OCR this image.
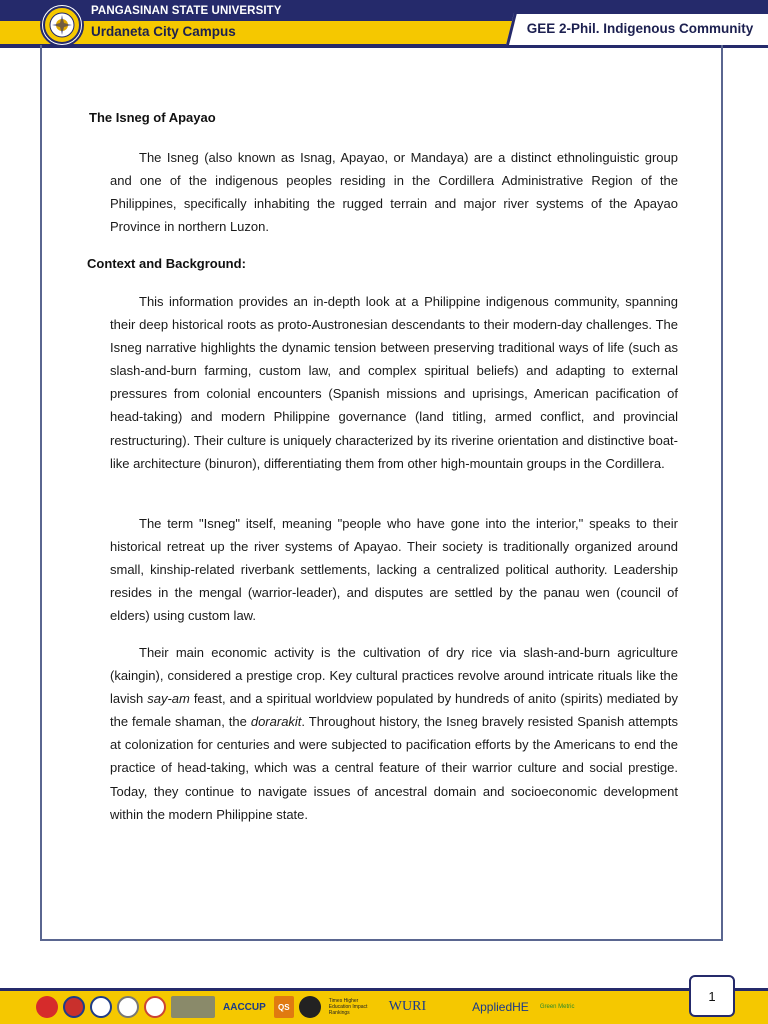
GEE 2-Phil. Indigenous Community
PANGASINAN STATE UNIVERSITY
Urdaneta City Campus
The Isneg of Apayao

The Isneg (also known as Isnag, Apayao, or Mandaya) are a distinct ethnolinguistic group and one of the indigenous peoples residing in the Cordillera Administrative Region of the Philippines, specifically inhabiting the rugged terrain and major river systems of the Apayao Province in northern Luzon.

Context and Background:

This information provides an in-depth look at a Philippine indigenous community, spanning their deep historical roots as proto-Austronesian descendants to their modern-day challenges. The Isneg narrative highlights the dynamic tension between preserving traditional ways of life (such as slash-and-burn farming, custom law, and complex spiritual beliefs) and adapting to external pressures from colonial encounters (Spanish missions and uprisings, American pacification of head-taking) and modern Philippine governance (land titling, armed conflict, and provincial restructuring). Their culture is uniquely characterized by its riverine orientation and distinctive boat-like architecture (binuron), differentiating them from other high-mountain groups in the Cordillera.

The term "Isneg" itself, meaning "people who have gone into the interior," speaks to their historical retreat up the river systems of Apayao. Their society is traditionally organized around small, kinship-related riverbank settlements, lacking a centralized political authority. Leadership resides in the mengal (warrior-leader), and disputes are settled by the panau wen (council of elders) using custom law.

Their main economic activity is the cultivation of dry rice via slash-and-burn agriculture (kaingin), considered a prestige crop. Key cultural practices revolve around intricate rituals like the lavish say-am feast, and a spiritual worldview populated by hundreds of anito (spirits) mediated by the female shaman, the dorarakit. Throughout history, the Isneg bravely resisted Spanish attempts at colonization for centuries and were subjected to pacification efforts by the Americans to end the practice of head-taking, which was a central feature of their warrior culture and social prestige. Today, they continue to navigate issues of ancestral domain and socioeconomic development within the modern Philippine state.

AACCUP QS
Times Higher Education Impact Rankings	WURI	AppliedHE Green Metric
1
